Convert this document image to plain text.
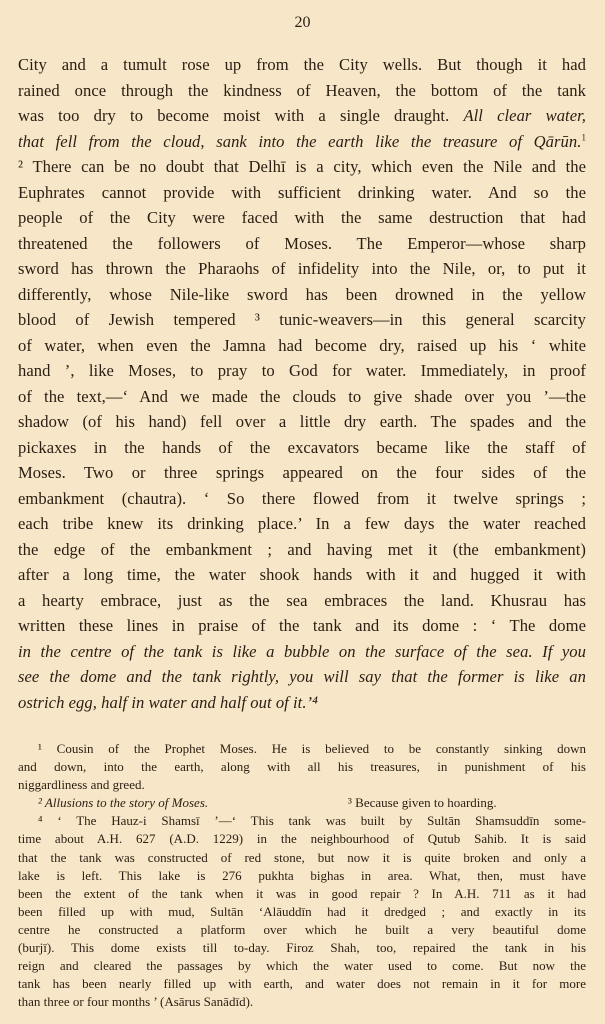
20
City and a tumult rose up from the City wells. But though it had
rained once through the kindness of Heaven, the bottom of the tank
was too dry to become moist with a single draught. All clear water,
that fell from the cloud, sank into the earth like the treasure of Qārūn.$^1$
² There can be no doubt that Delhī is a city, which even the Nile and the
Euphrates cannot provide with sufficient drinking water. And so the
people of the City were faced with the same destruction that had
threatened the followers of Moses. The Emperor—whose sharp
sword has thrown the Pharaohs of infidelity into the Nile, or, to put it
differently, whose Nile-like sword has been drowned in the yellow
blood of Jewish tempered ³ tunic-weavers—in this general scarcity
of water, when even the Jamna had become dry, raised up his ‘ white
hand ’, like Moses, to pray to God for water. Immediately, in proof
of the text,—‘ And we made the clouds to give shade over you ’—the
shadow (of his hand) fell over a little dry earth. The spades and the
pickaxes in the hands of the excavators became like the staff of
Moses. Two or three springs appeared on the four sides of the
embankment (chautra). ‘ So there flowed from it twelve springs ;
each tribe knew its drinking place.’ In a few days the water reached
the edge of the embankment ; and having met it (the embankment)
after a long time, the water shook hands with it and hugged it with
a hearty embrace, just as the sea embraces the land. Khusrau has
written these lines in praise of the tank and its dome : ‘ The dome
in the centre of the tank is like a bubble on the surface of the sea. If you
see the dome and the tank rightly, you will say that the former is like an
ostrich egg, half in water and half out of it.’⁴
¹ Cousin of the Prophet Moses. He is believed to be constantly sinking down
and down, into the earth, along with all his treasures, in punishment of his
niggardliness and greed.
² Allusions to the story of Moses.	³ Because given to hoarding.
⁴ ‘ The Hauz-i Shamsī ’—‘ This tank was built by Sultān Shamsuddīn some-
time about A.H. 627 (A.D. 1229) in the neighbourhood of Qutub Sahib. It is said
that the tank was constructed of red stone, but now it is quite broken and only a
lake is left. This lake is 276 pukhta bighas in area. What, then, must have
been the extent of the tank when it was in good repair ? In A.H. 711 as it had
been filled up with mud, Sultān ‘Alāuddīn had it dredged ; and exactly in its
centre he constructed a platform over which he built a very beautiful dome
(burjī). This dome exists till to-day. Firoz Shah, too, repaired the tank in his
reign and cleared the passages by which the water used to come. But now the
tank has been nearly filled up with earth, and water does not remain in it for more
than three or four months ’ (Asārus Sanādīd).
